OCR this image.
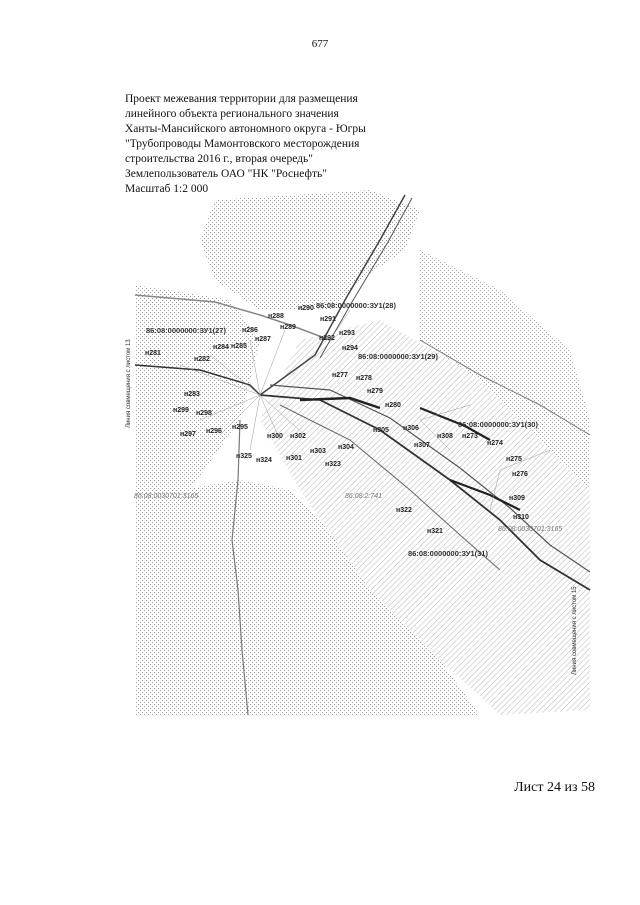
677
Проект межевания территории для размещения
линейного объекта регионального значения
Ханты-Мансийского автономного округа - Югры
"Трубопроводы Мамонтовского месторождения
строительства 2016 г., вторая очередь"
Землепользователь ОАО "НК "Роснефть"
Масштаб 1:2 000
н290
н288
н289
н291
н286
н287
н293
н292
н294
н281
н284 н285
н282
н277 н278
н279
н280
н283
н299 н298
н295
н297 н296
н300 н302
н303
н301
н304
н305 н306
н307
н308 н273
н274
н275
н276
н323
н325
н324
н309
н310
н322
н321
86:08:0000000:ЗУ1(28)
86:08:0000000:ЗУ1(27)
86:08:0000000:ЗУ1(29)
86:08:0000000:ЗУ1(30)
86:08:0000000:ЗУ1(31)
86:08:0030701:3165	86:08:2:741
86:08:0030701:3165
Линия совмещения с листом 13
Линия совмещения с листом 15
Лист 24 из 58
